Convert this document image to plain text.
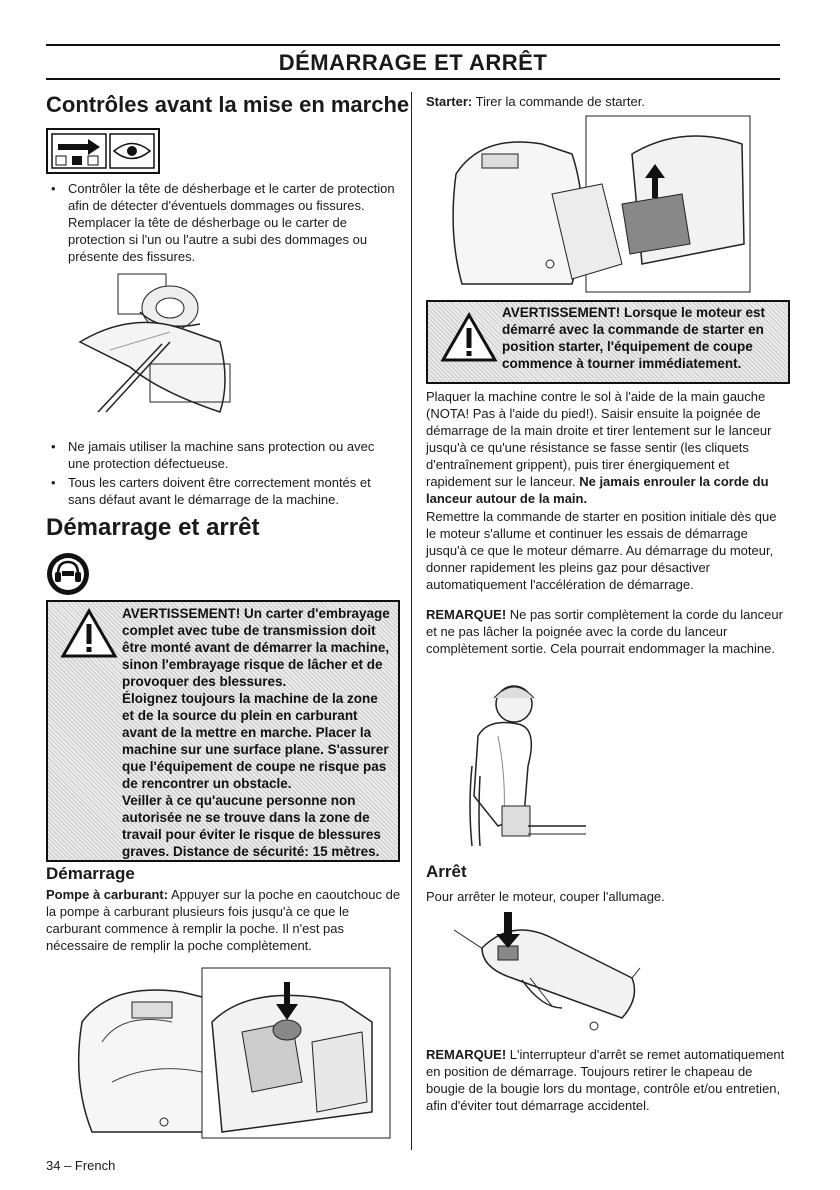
DÉMARRAGE ET ARRÊT
Contrôles avant la mise en marche
• Contrôler la tête de désherbage et le carter de protection afin de détecter d'éventuels dommages ou fissures. Remplacer la tête de désherbage ou le carter de protection si l'un ou l'autre a subi des dommages ou présente des fissures.
• Ne jamais utiliser la machine sans protection ou avec une protection défectueuse.
• Tous les carters doivent être correctement montés et sans défaut avant le démarrage de la machine.
Démarrage et arrêt

AVERTISSEMENT! Un carter d'embrayage complet avec tube de transmission doit être monté avant de démarrer la machine, sinon l'embrayage risque de lâcher et de provoquer des blessures.

Éloignez toujours la machine de la zone et de la source du plein en carburant avant de la mettre en marche. Placer la machine sur une surface plane. S'assurer que l'équipement de coupe ne risque pas de rencontrer un obstacle.

Veiller à ce qu'aucune personne non autorisée ne se trouve dans la zone de travail pour éviter le risque de blessures graves. Distance de sécurité: 15 mètres.

Démarrage

Pompe à carburant: Appuyer sur la poche en caoutchouc de la pompe à carburant plusieurs fois jusqu'à ce que le carburant commence à remplir la poche. Il n'est pas nécessaire de remplir la poche complètement.

34 – French

Starter: Tirer la commande de starter.

AVERTISSEMENT! Lorsque le moteur est démarré avec la commande de starter en position starter, l'équipement de coupe commence à tourner immédiatement.

Plaquer la machine contre le sol à l'aide de la main gauche (NOTA! Pas à l'aide du pied!). Saisir ensuite la poignée de démarrage de la main droite et tirer lentement sur le lanceur jusqu'à ce qu'une résistance se fasse sentir (les cliquets d'entraînement grippent), puis tirer énergiquement et rapidement sur le lanceur. Ne jamais enrouler la corde du lanceur autour de la main.

Remettre la commande de starter en position initiale dès que le moteur s'allume et continuer les essais de démarrage jusqu'à ce que le moteur démarre. Au démarrage du moteur, donner rapidement les pleins gaz pour désactiver automatiquement l'accélération de démarrage.

REMARQUE! Ne pas sortir complètement la corde du lanceur et ne pas lâcher la poignée avec la corde du lanceur complètement sortie. Cela pourrait endommager la machine.

Arrêt

Pour arrêter le moteur, couper l'allumage.

REMARQUE! L'interrupteur d'arrêt se remet automatiquement en position de démarrage. Toujours retirer le chapeau de bougie de la bougie lors du montage, contrôle et/ou entretien, afin d'éviter tout démarrage accidentel.
